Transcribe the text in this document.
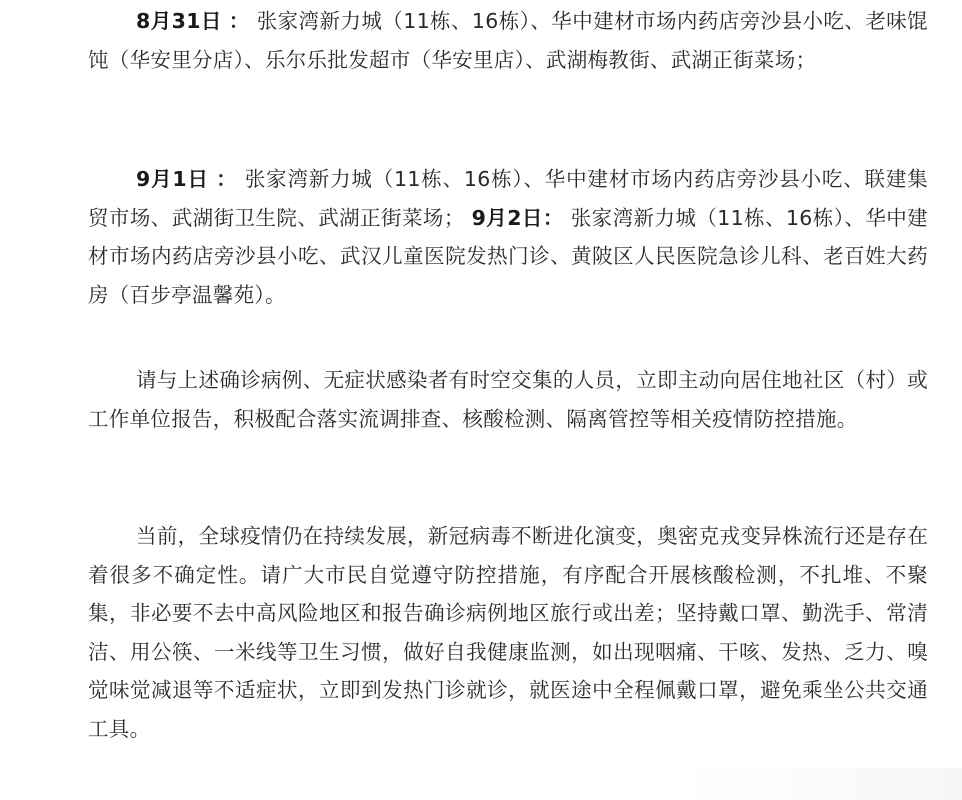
8月31日 ： 张家湾新力城（11栋、16栋）、华中建材市场内药店旁沙县小吃、老味馄饨（华安里分店）、乐尔乐批发超市（华安里店）、武湖梅教街、武湖正街菜场；

9月1日 ： 张家湾新力城（11栋、16栋）、华中建材市场内药店旁沙县小吃、联建集贸市场、武湖街卫生院、武湖正街菜场； 9月2日： 张家湾新力城（11栋、16栋）、华中建材市场内药店旁沙县小吃、武汉儿童医院发热门诊、黄陂区人民医院急诊儿科、老百姓大药房（百步亭温馨苑）。

请与上述确诊病例、无症状感染者有时空交集的人员，立即主动向居住地社区（村）或工作单位报告，积极配合落实流调排查、核酸检测、隔离管控等相关疫情防控措施。

当前，全球疫情仍在持续发展，新冠病毒不断进化演变，奥密克戎变异株流行还是存在着很多不确定性。请广大市民自觉遵守防控措施，有序配合开展核酸检测，不扎堆、不聚集，非必要不去中高风险地区和报告确诊病例地区旅行或出差；坚持戴口罩、勤洗手、常清洁、用公筷、一米线等卫生习惯，做好自我健康监测，如出现咽痛、干咳、发热、乏力、嗅觉味觉减退等不适症状，立即到发热门诊就诊，就医途中全程佩戴口罩，避免乘坐公共交通工具。
